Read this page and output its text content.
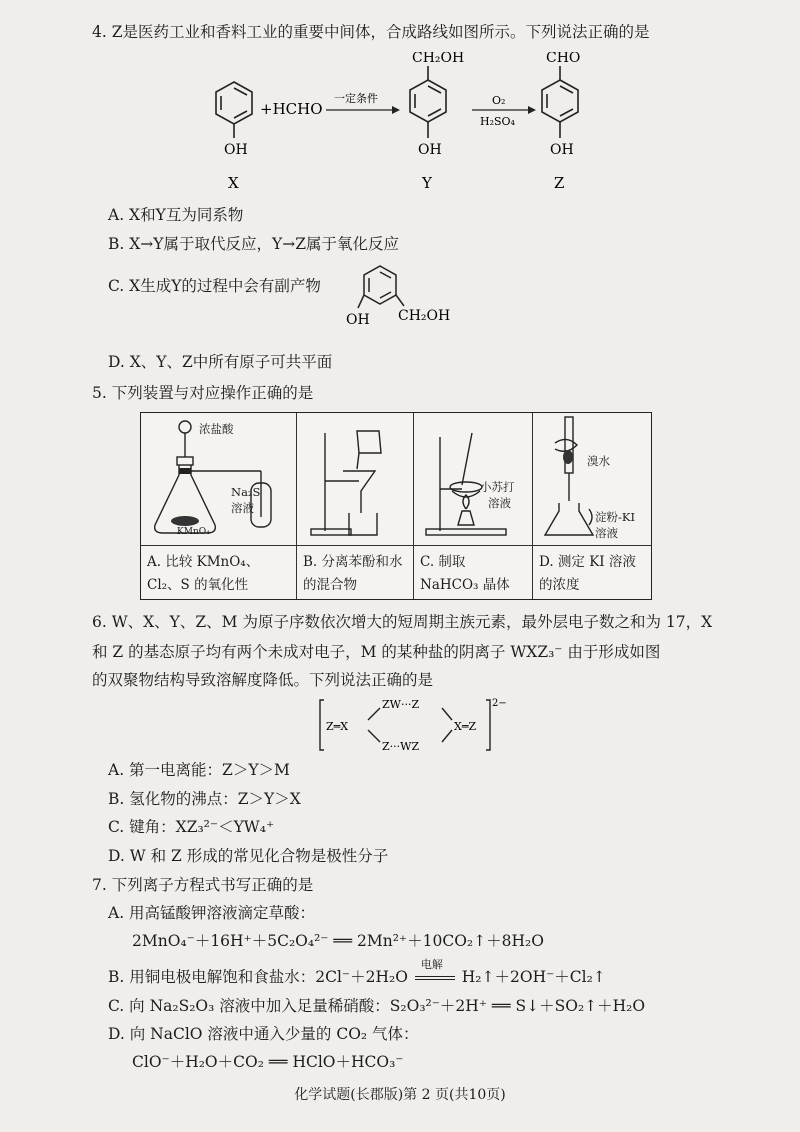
4. Z是医药工业和香料工业的重要中间体，合成路线如图所示。下列说法正确的是
OH
X
+HCHO
一定条件
CH₂OH
OH
Y
O₂
H₂SO₄
CHO
OH
Z
A. X和Y互为同系物
B. X→Y属于取代反应，Y→Z属于氧化反应
C. X生成Y的过程中会有副产物
OH CH₂OH
D. X、Y、Z中所有原子可共平面
5. 下列装置与对应操作正确的是
浓盐酸
Na₂S
溶液
KMnO₄
A. 比较 KMnO₄、Cl₂、S 的氧化性
B. 分离苯酚和水的混合物
小苏打
溶液
C. 制取 NaHCO₃ 晶体
溴水
淀粉-KI
溶液
D. 测定 KI 溶液的浓度
6. W、X、Y、Z、M 为原子序数依次增大的短周期主族元素，最外层电子数之和为 17，X
和 Z 的基态原子均有两个未成对电子，M 的某种盐的阴离子 WXZ₃⁻ 由于形成如图
的双聚物结构导致溶解度降低。下列说法正确的是
Z═X
ZW···Z
Z···WZ
X═Z
2−
A. 第一电离能：Z＞Y＞M
B. 氢化物的沸点：Z＞Y＞X
C. 键角：XZ₃²⁻＜YW₄⁺
D. W 和 Z 形成的常见化合物是极性分子
7. 下列离子方程式书写正确的是
A. 用高锰酸钾溶液滴定草酸：
2MnO₄⁻＋16H⁺＋5C₂O₄²⁻ ══ 2Mn²⁺＋10CO₂↑＋8H₂O
B. 用铜电极电解饱和食盐水：2Cl⁻＋2H₂O
电解
H₂↑＋2OH⁻＋Cl₂↑
C. 向 Na₂S₂O₃ 溶液中加入足量稀硝酸：S₂O₃²⁻＋2H⁺ ══ S↓＋SO₂↑＋H₂O
D. 向 NaClO 溶液中通入少量的 CO₂ 气体：
ClO⁻＋H₂O＋CO₂ ══ HClO＋HCO₃⁻
化学试题(长郡版)第 2 页(共10页)
